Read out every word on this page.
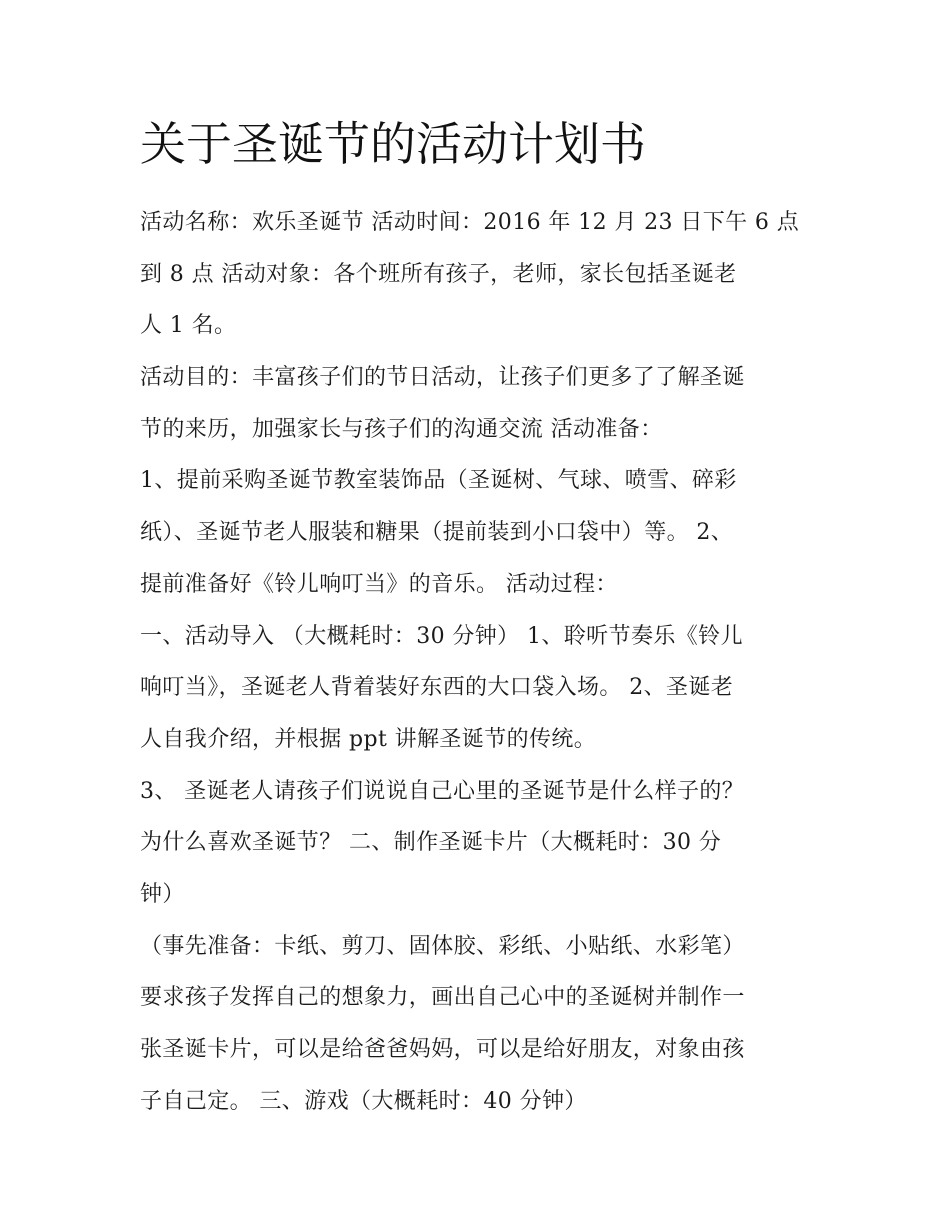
关于圣诞节的活动计划书
活动名称：欢乐圣诞节 活动时间：2016 年 12 月 23 日下午 6 点
到 8 点 活动对象：各个班所有孩子，老师，家长包括圣诞老
人 1 名。
活动目的：丰富孩子们的节日活动，让孩子们更多了了解圣诞
节的来历，加强家长与孩子们的沟通交流 活动准备：
1、提前采购圣诞节教室装饰品（圣诞树、气球、喷雪、碎彩
纸）、圣诞节老人服装和糖果（提前装到小口袋中）等。 2、
提前准备好《铃儿响叮当》的音乐。 活动过程：
一、活动导入 （大概耗时：30 分钟） 1、聆听节奏乐《铃儿
响叮当》，圣诞老人背着装好东西的大口袋入场。 2、圣诞老
人自我介绍，并根据 ppt 讲解圣诞节的传统。
3、 圣诞老人请孩子们说说自己心里的圣诞节是什么样子的？
为什么喜欢圣诞节？ 二、制作圣诞卡片（大概耗时：30 分
钟）
（事先准备：卡纸、剪刀、固体胶、彩纸、小贴纸、水彩笔）
要求孩子发挥自己的想象力，画出自己心中的圣诞树并制作一
张圣诞卡片，可以是给爸爸妈妈，可以是给好朋友，对象由孩
子自己定。 三、游戏（大概耗时：40 分钟）
